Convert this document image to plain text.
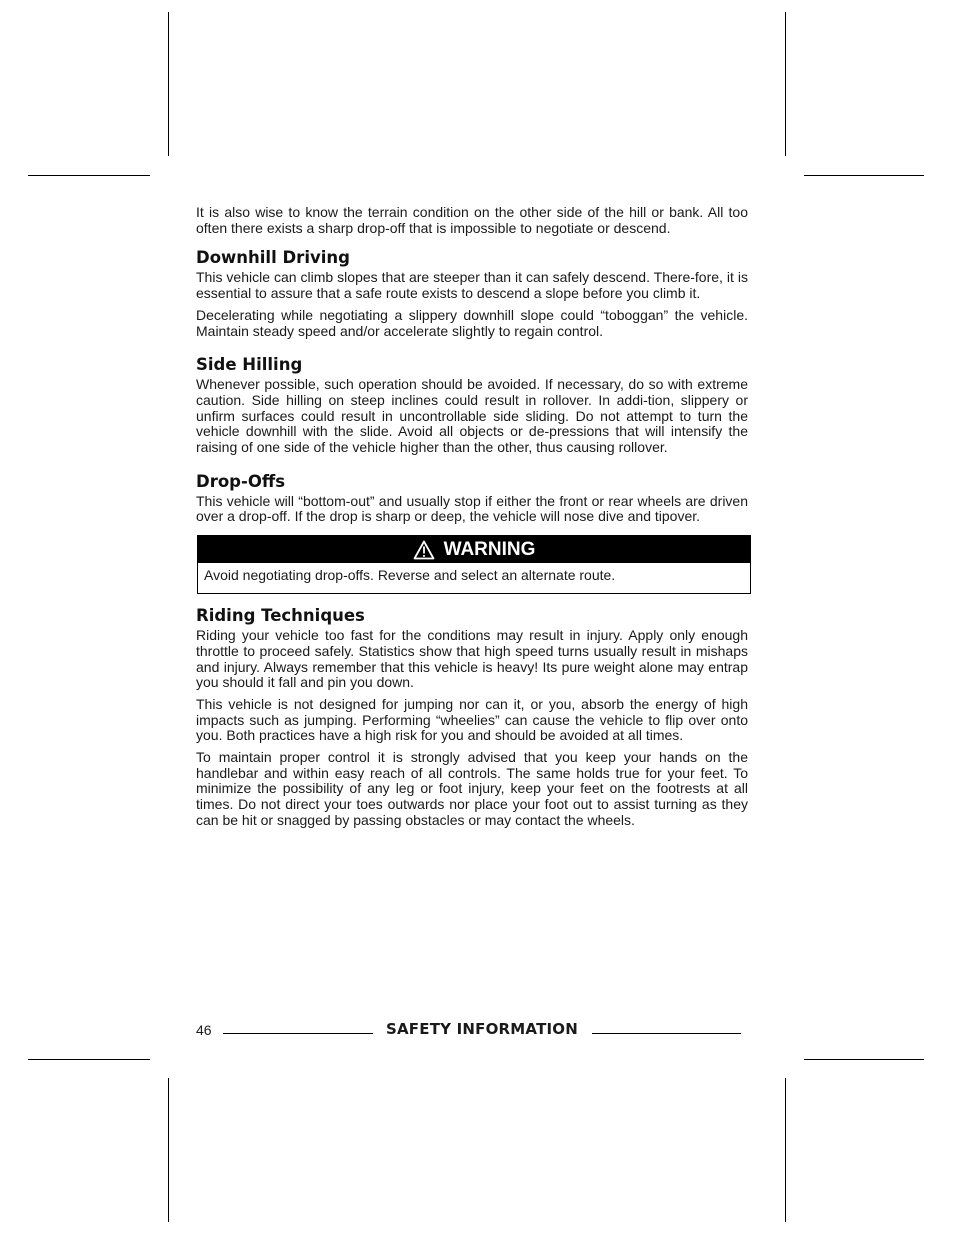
It is also wise to know the terrain condition on the other side of the hill or bank. All too often there exists a sharp drop-off that is impossible to negotiate or descend.

Downhill Driving

This vehicle can climb slopes that are steeper than it can safely descend. There-fore, it is essential to assure that a safe route exists to descend a slope before you climb it.

Decelerating while negotiating a slippery downhill slope could “toboggan” the vehicle. Maintain steady speed and/or accelerate slightly to regain control.

Side Hilling

Whenever possible, such operation should be avoided. If necessary, do so with extreme caution. Side hilling on steep inclines could result in rollover. In addi-tion, slippery or unfirm surfaces could result in uncontrollable side sliding. Do not attempt to turn the vehicle downhill with the slide. Avoid all objects or de-pressions that will intensify the raising of one side of the vehicle higher than the other, thus causing rollover.

Drop-Offs

This vehicle will “bottom-out” and usually stop if either the front or rear wheels are driven over a drop-off. If the drop is sharp or deep, the vehicle will nose dive and tipover.

WARNING
Avoid negotiating drop-offs. Reverse and select an alternate route.
Riding Techniques

Riding your vehicle too fast for the conditions may result in injury. Apply only enough throttle to proceed safely. Statistics show that high speed turns usually result in mishaps and injury. Always remember that this vehicle is heavy! Its pure weight alone may entrap you should it fall and pin you down.

This vehicle is not designed for jumping nor can it, or you, absorb the energy of high impacts such as jumping. Performing “wheelies” can cause the vehicle to flip over onto you. Both practices have a high risk for you and should be avoided at all times.

To maintain proper control it is strongly advised that you keep your hands on the handlebar and within easy reach of all controls. The same holds true for your feet. To minimize the possibility of any leg or foot injury, keep your feet on the footrests at all times. Do not direct your toes outwards nor place your foot out to assist turning as they can be hit or snagged by passing obstacles or may contact the wheels.

46	SAFETY INFORMATION
